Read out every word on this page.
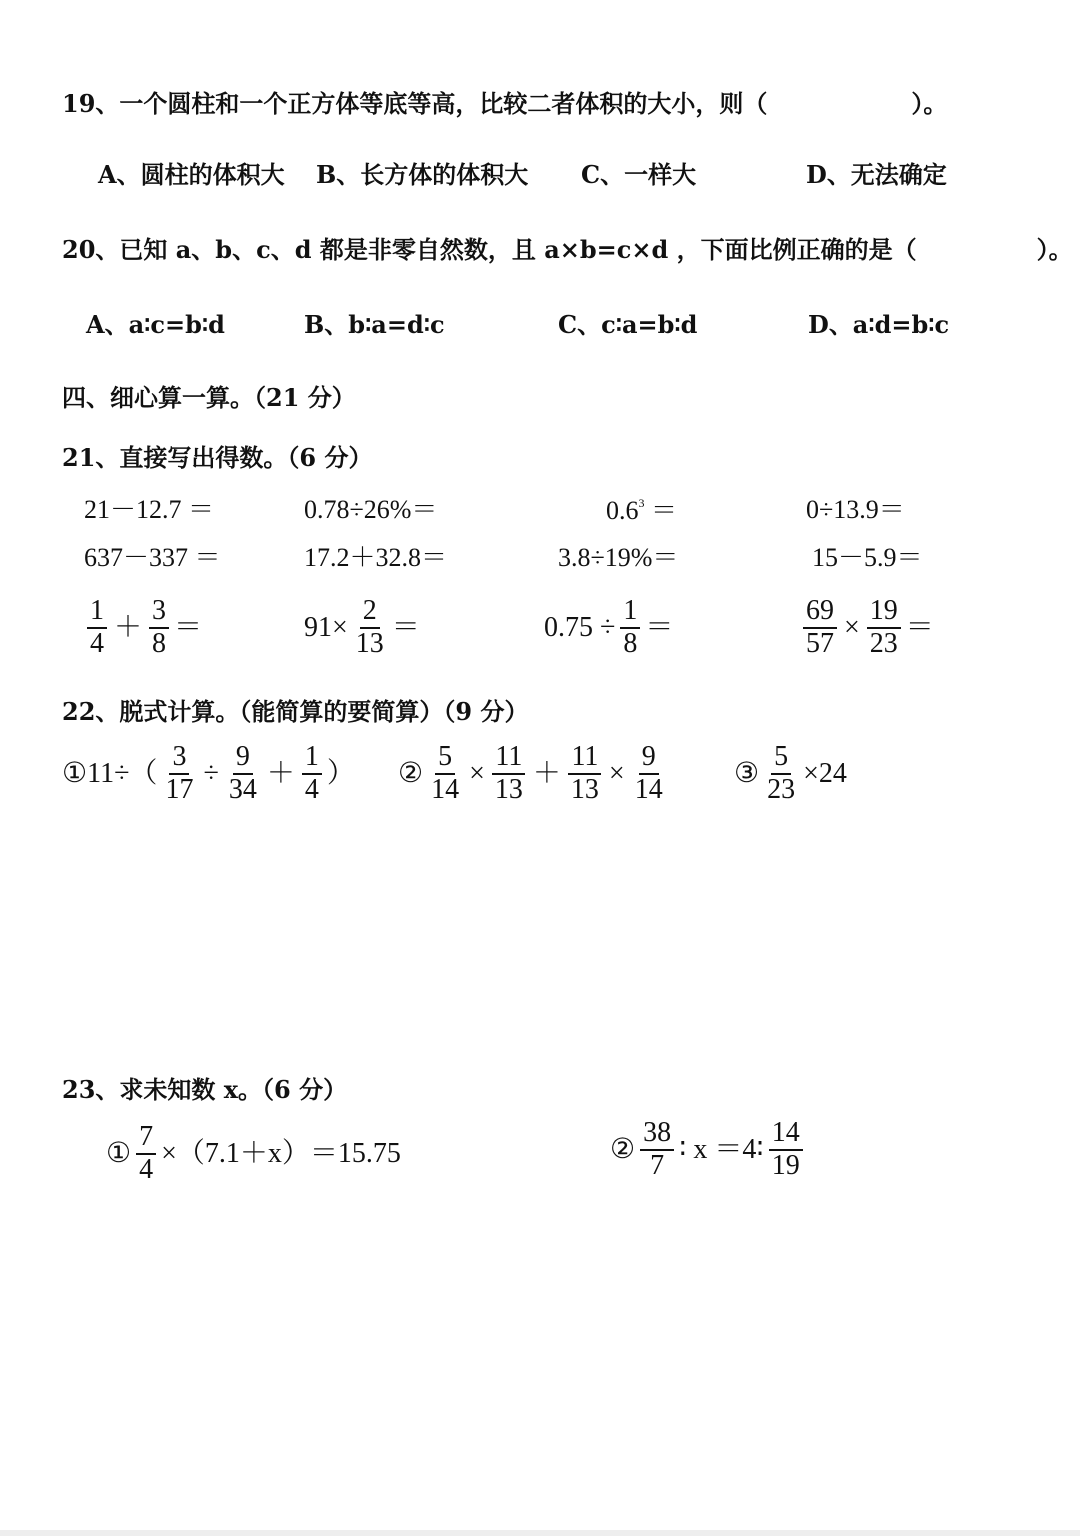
19、一个圆柱和一个正方体等底等高，比较二者体积的大小，则（　　　　　　）。
A、圆柱的体积大 B、长方体的体积大 C、一样大	D、无法确定
20、已知 a、b、c、d 都是非零自然数，且 a×b=c×d ，下面比例正确的是（　　　　　）。
A、a∶c=b∶d	B、b∶a=d∶c	C、c∶a=b∶d	D、a∶d=b∶c
四、细心算一算。（21 分）
21、直接写出得数。（6 分）
21－12.7 ＝	0.78÷26%＝	$0.6^3$ ＝	0÷13.9＝
637－337 ＝	17.2＋32.8＝	3.8÷19%＝	15－5.9＝
$\frac{1}{4} + \frac{3}{8}$ ＝	$91\times \frac{2}{13}$ ＝	$0.75 \div \frac{1}{8}$ ＝	$\frac{69}{57} \times \frac{19}{23}$ ＝
22、脱式计算。（能简算的要简算）（9 分）
①11÷（ $\frac{3}{17} \div \frac{9}{34} + \frac{1}{4}$ ） ② $\frac{5}{14} \times \frac{11}{13} + \frac{11}{13} \times \frac{9}{14}$ ③ $\frac{5}{23} \times 24$
23、求未知数 x。（6 分）
① $\frac{7}{4} \times(7.1+x)=15.75$	② $\frac{38}{7}$ ∶ x ＝4∶ $\frac{14}{19}$
